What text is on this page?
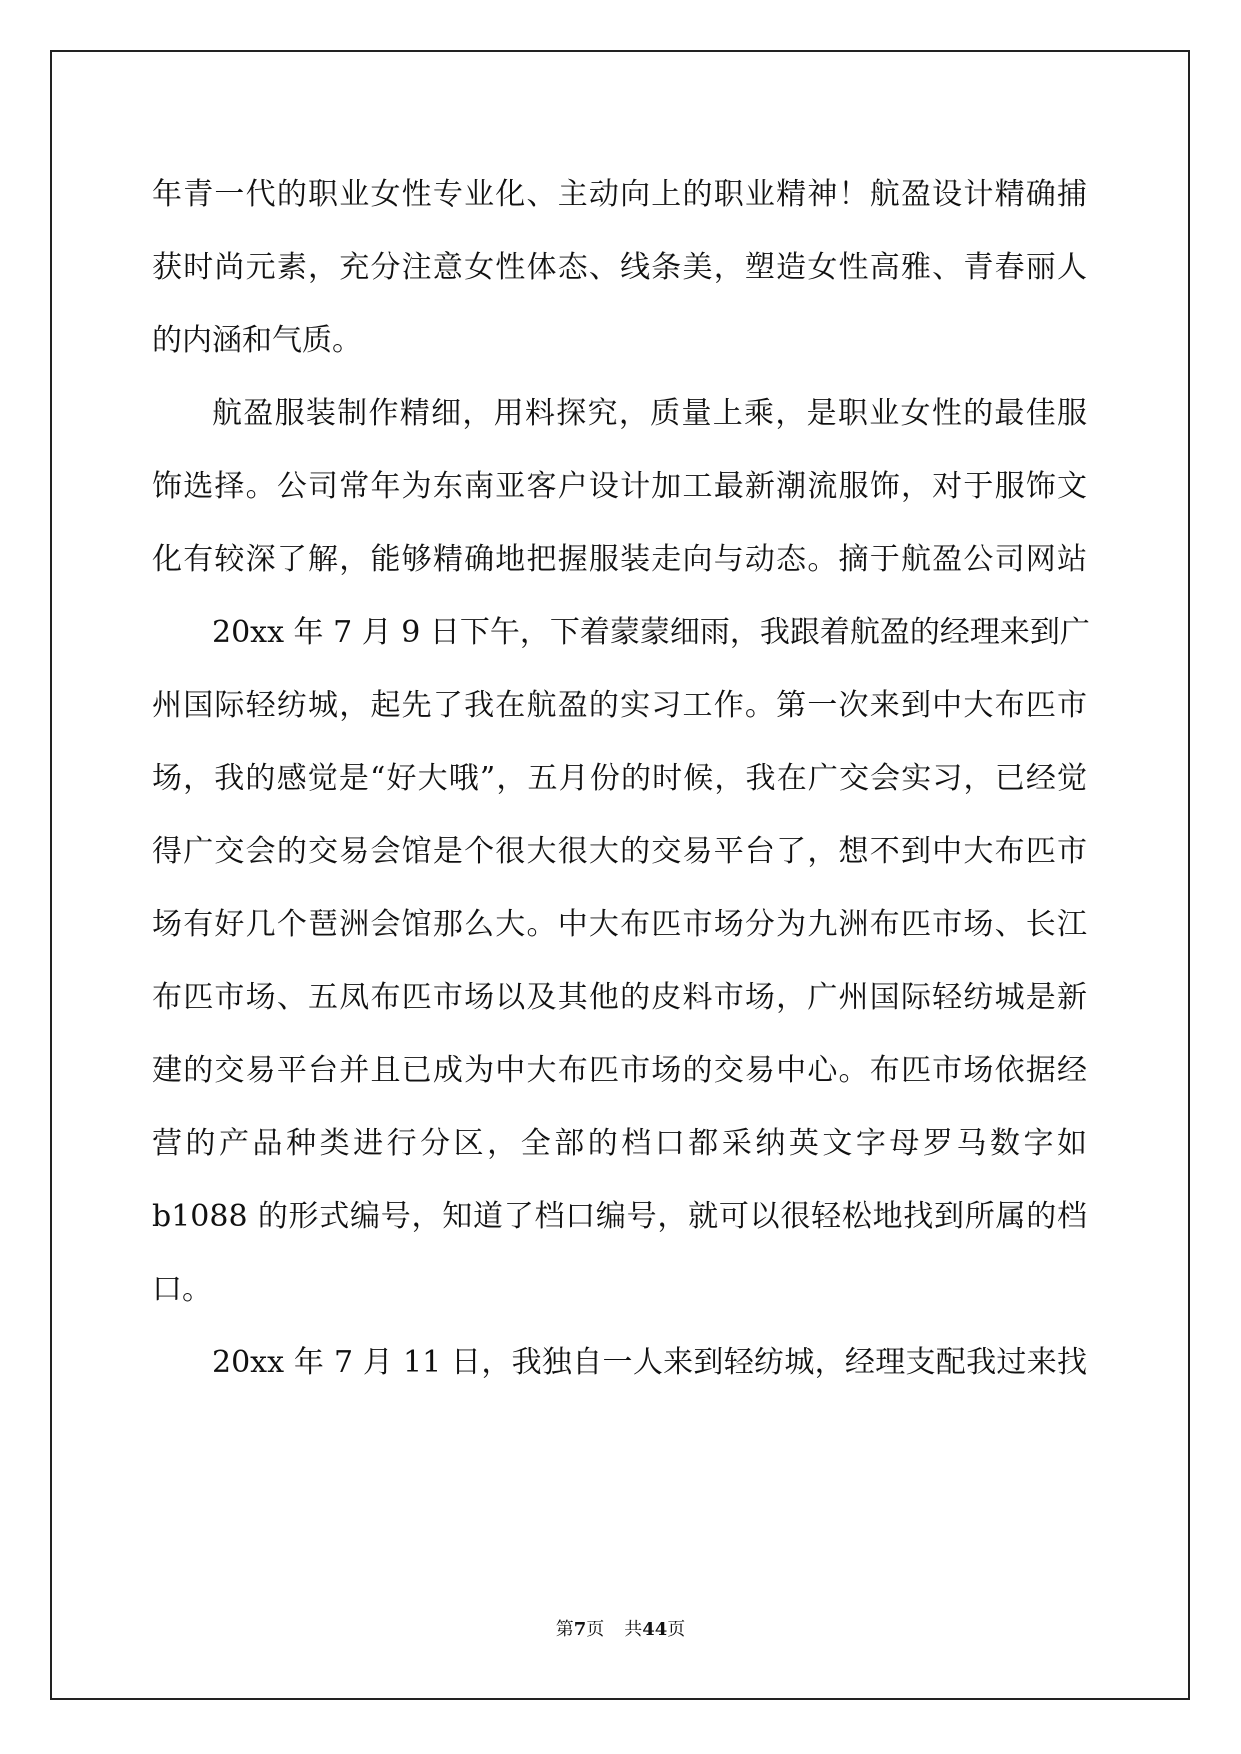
年青一代的职业女性专业化、主动向上的职业精神！航盈设计精确捕
获时尚元素，充分注意女性体态、线条美，塑造女性高雅、青春丽人
的内涵和气质。
航盈服装制作精细，用料探究，质量上乘，是职业女性的最佳服
饰选择。公司常年为东南亚客户设计加工最新潮流服饰，对于服饰文
化有较深了解，能够精确地把握服装走向与动态。摘于航盈公司网站
20xx 年 7 月 9 日下午，下着蒙蒙细雨，我跟着航盈的经理来到广
州国际轻纺城，起先了我在航盈的实习工作。第一次来到中大布匹市
场，我的感觉是“好大哦”，五月份的时候，我在广交会实习，已经觉
得广交会的交易会馆是个很大很大的交易平台了，想不到中大布匹市
场有好几个琶洲会馆那么大。中大布匹市场分为九洲布匹市场、长江
布匹市场、五凤布匹市场以及其他的皮料市场，广州国际轻纺城是新
建的交易平台并且已成为中大布匹市场的交易中心。布匹市场依据经
营的产品种类进行分区，全部的档口都采纳英文字母罗马数字如
b1088 的形式编号，知道了档口编号，就可以很轻松地找到所属的档
口。
20xx 年 7 月 11 日，我独自一人来到轻纺城，经理支配我过来找
第7页 共44页
